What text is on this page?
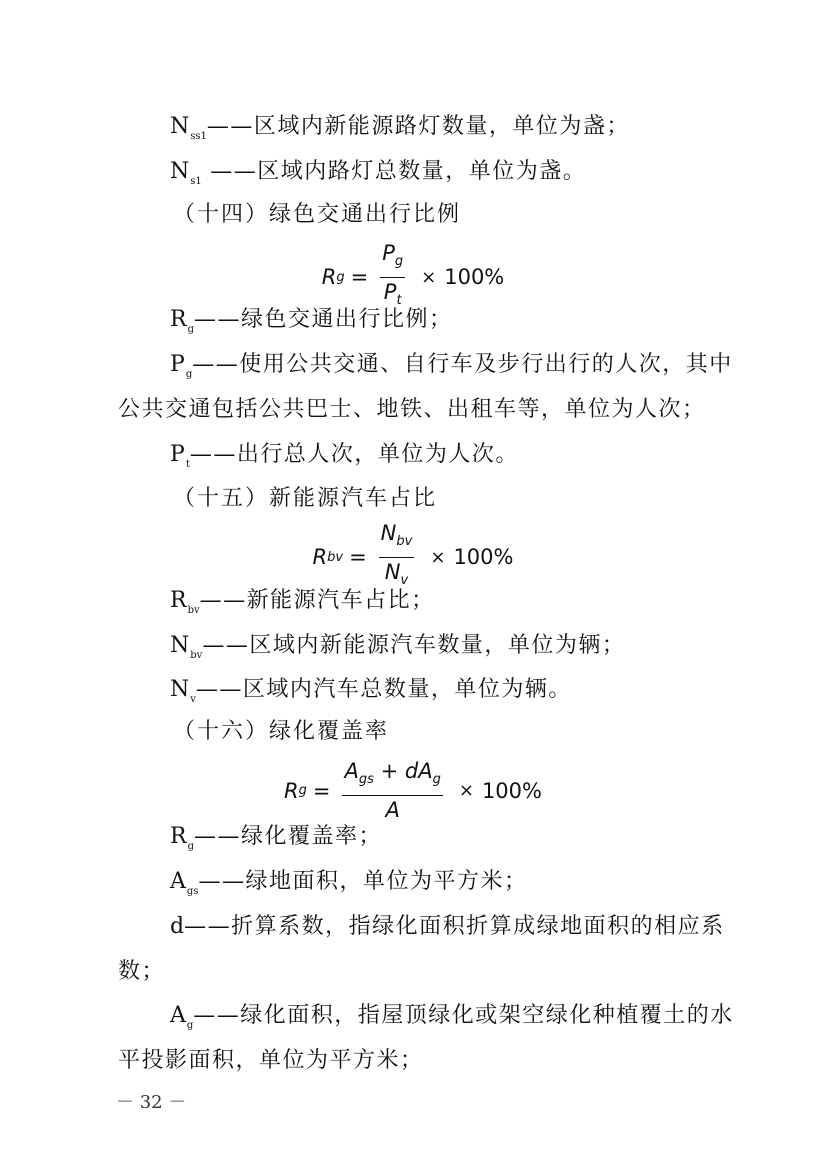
$N_{ss1}——$区域内新能源路灯数量，单位为盏；
$N_{s1}$ ——区域内路灯总数量，单位为盏。
（十四）绿色交通出行比例
R $g = \frac{P_g}{P_t} \times 100\%$
$R_g——$绿色交通出行比例；
$P_g——$使用公共交通、自行车及步行出行的人次，其中
公共交通包括公共巴士、地铁、出租车等，单位为人次；
$P_t——$出行总人次，单位为人次。
（十五）新能源汽车占比
R bv = $\frac{N_{bv}}{N_v} \times 100\%$
$R_{bv}——$新能源汽车占比；
$N_{bv}——$区域内新能源汽车数量，单位为辆；
$N_v——$区域内汽车总数量，单位为辆。
（十六）绿化覆盖率
R $g = \frac{A_{gs} + dA_g}{A} \times 100\%$
$R_g——$绿化覆盖率；
$A_{gs}——$绿地面积，单位为平方米；
d——折算系数，指绿化面积折算成绿地面积的相应系
数；
$A_g——$绿化面积，指屋顶绿化或架空绿化种植覆土的水
平投影面积，单位为平方米；
－ 32 －
